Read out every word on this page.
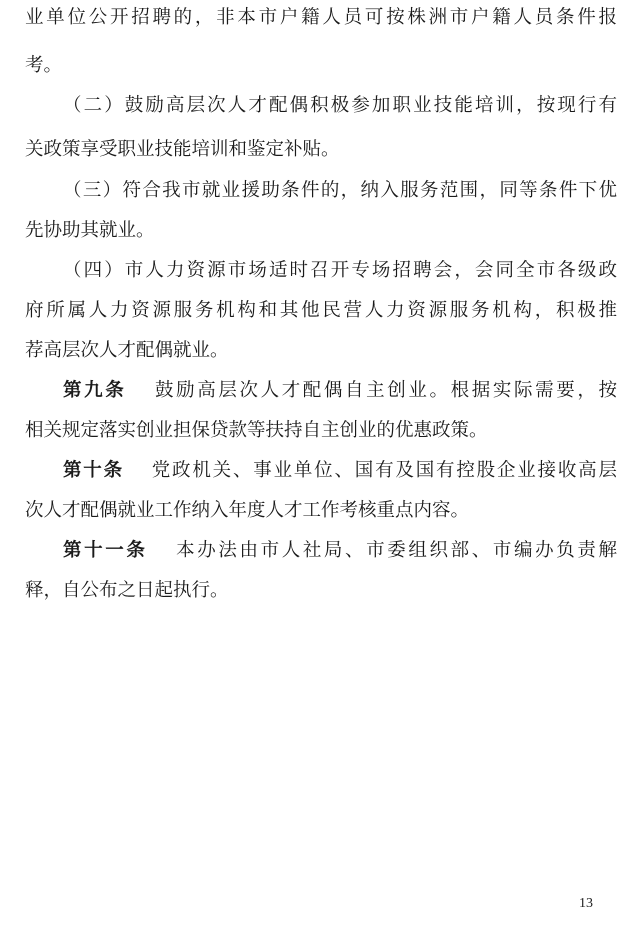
业单位公开招聘的，非本市户籍人员可按株洲市户籍人员条件报
考。
（二）鼓励高层次人才配偶积极参加职业技能培训，按现行有
关政策享受职业技能培训和鉴定补贴。
（三）符合我市就业援助条件的，纳入服务范围，同等条件下优
先协助其就业。
（四）市人力资源市场适时召开专场招聘会，会同全市各级政
府所属人力资源服务机构和其他民营人力资源服务机构，积极推
荐高层次人才配偶就业。
第九条 鼓励高层次人才配偶自主创业。根据实际需要，按
相关规定落实创业担保贷款等扶持自主创业的优惠政策。
第十条 党政机关、事业单位、国有及国有控股企业接收高层
次人才配偶就业工作纳入年度人才工作考核重点内容。
第十一条 本办法由市人社局、市委组织部、市编办负责解
释，自公布之日起执行。
13
